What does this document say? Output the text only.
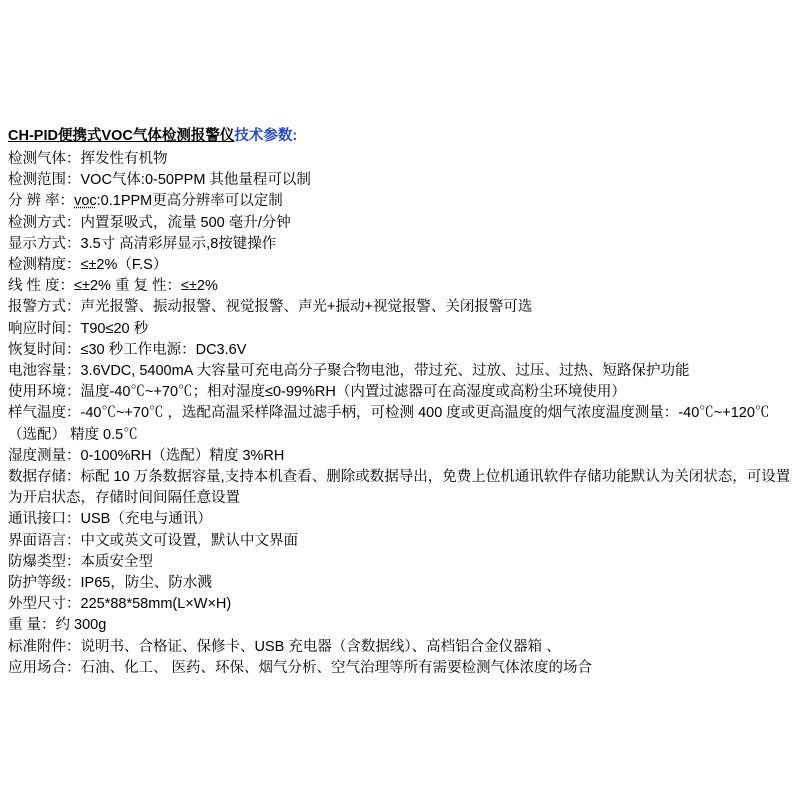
CH-PID便携式VOC气体检测报警仪技术参数:
检测气体：挥发性有机物
检测范围：VOC气体:0-50PPM 其他量程可以制
分 辨 率：voc:0.1PPM更高分辨率可以定制
检测方式：内置泵吸式，流量 500 毫升/分钟
显示方式：3.5寸 高清彩屏显示,8按键操作
检测精度：≤±2%（F.S）
线 性 度：≤±2% 重 复 性：≤±2%
报警方式：声光报警、振动报警、视觉报警、声光+振动+视觉报警、关闭报警可选
响应时间：T90≤20 秒
恢复时间：≤30 秒工作电源：DC3.6V
电池容量：3.6VDC, 5400mA 大容量可充电高分子聚合物电池，带过充、过放、过压、过热、短路保护功能
使用环境：温度-40℃~+70℃；相对湿度≤0-99%RH（内置过滤器可在高湿度或高粉尘环境使用）
样气温度：-40℃~+70℃ ，选配高温采样降温过滤手柄，可检测 400 度或更高温度的烟气浓度温度测量：-40℃~+120℃（选配） 精度 0.5℃
湿度测量：0-100%RH（选配）精度 3%RH
数据存储：标配 10 万条数据容量,支持本机查看、删除或数据导出，免费上位机通讯软件存储功能默认为关闭状态，可设置为开启状态，存储时间间隔任意设置
通讯接口：USB（充电与通讯）
界面语言：中文或英文可设置，默认中文界面
防爆类型：本质安全型
防护等级：IP65，防尘、防水溅
外型尺寸：225*88*58mm(L×W×H)
重 量：约 300g
标准附件：说明书、合格证、保修卡、USB 充电器（含数据线）、高档铝合金仪器箱 、
应用场合：石油、化工、 医药、环保、烟气分析、空气治理等所有需要检测气体浓度的场合
